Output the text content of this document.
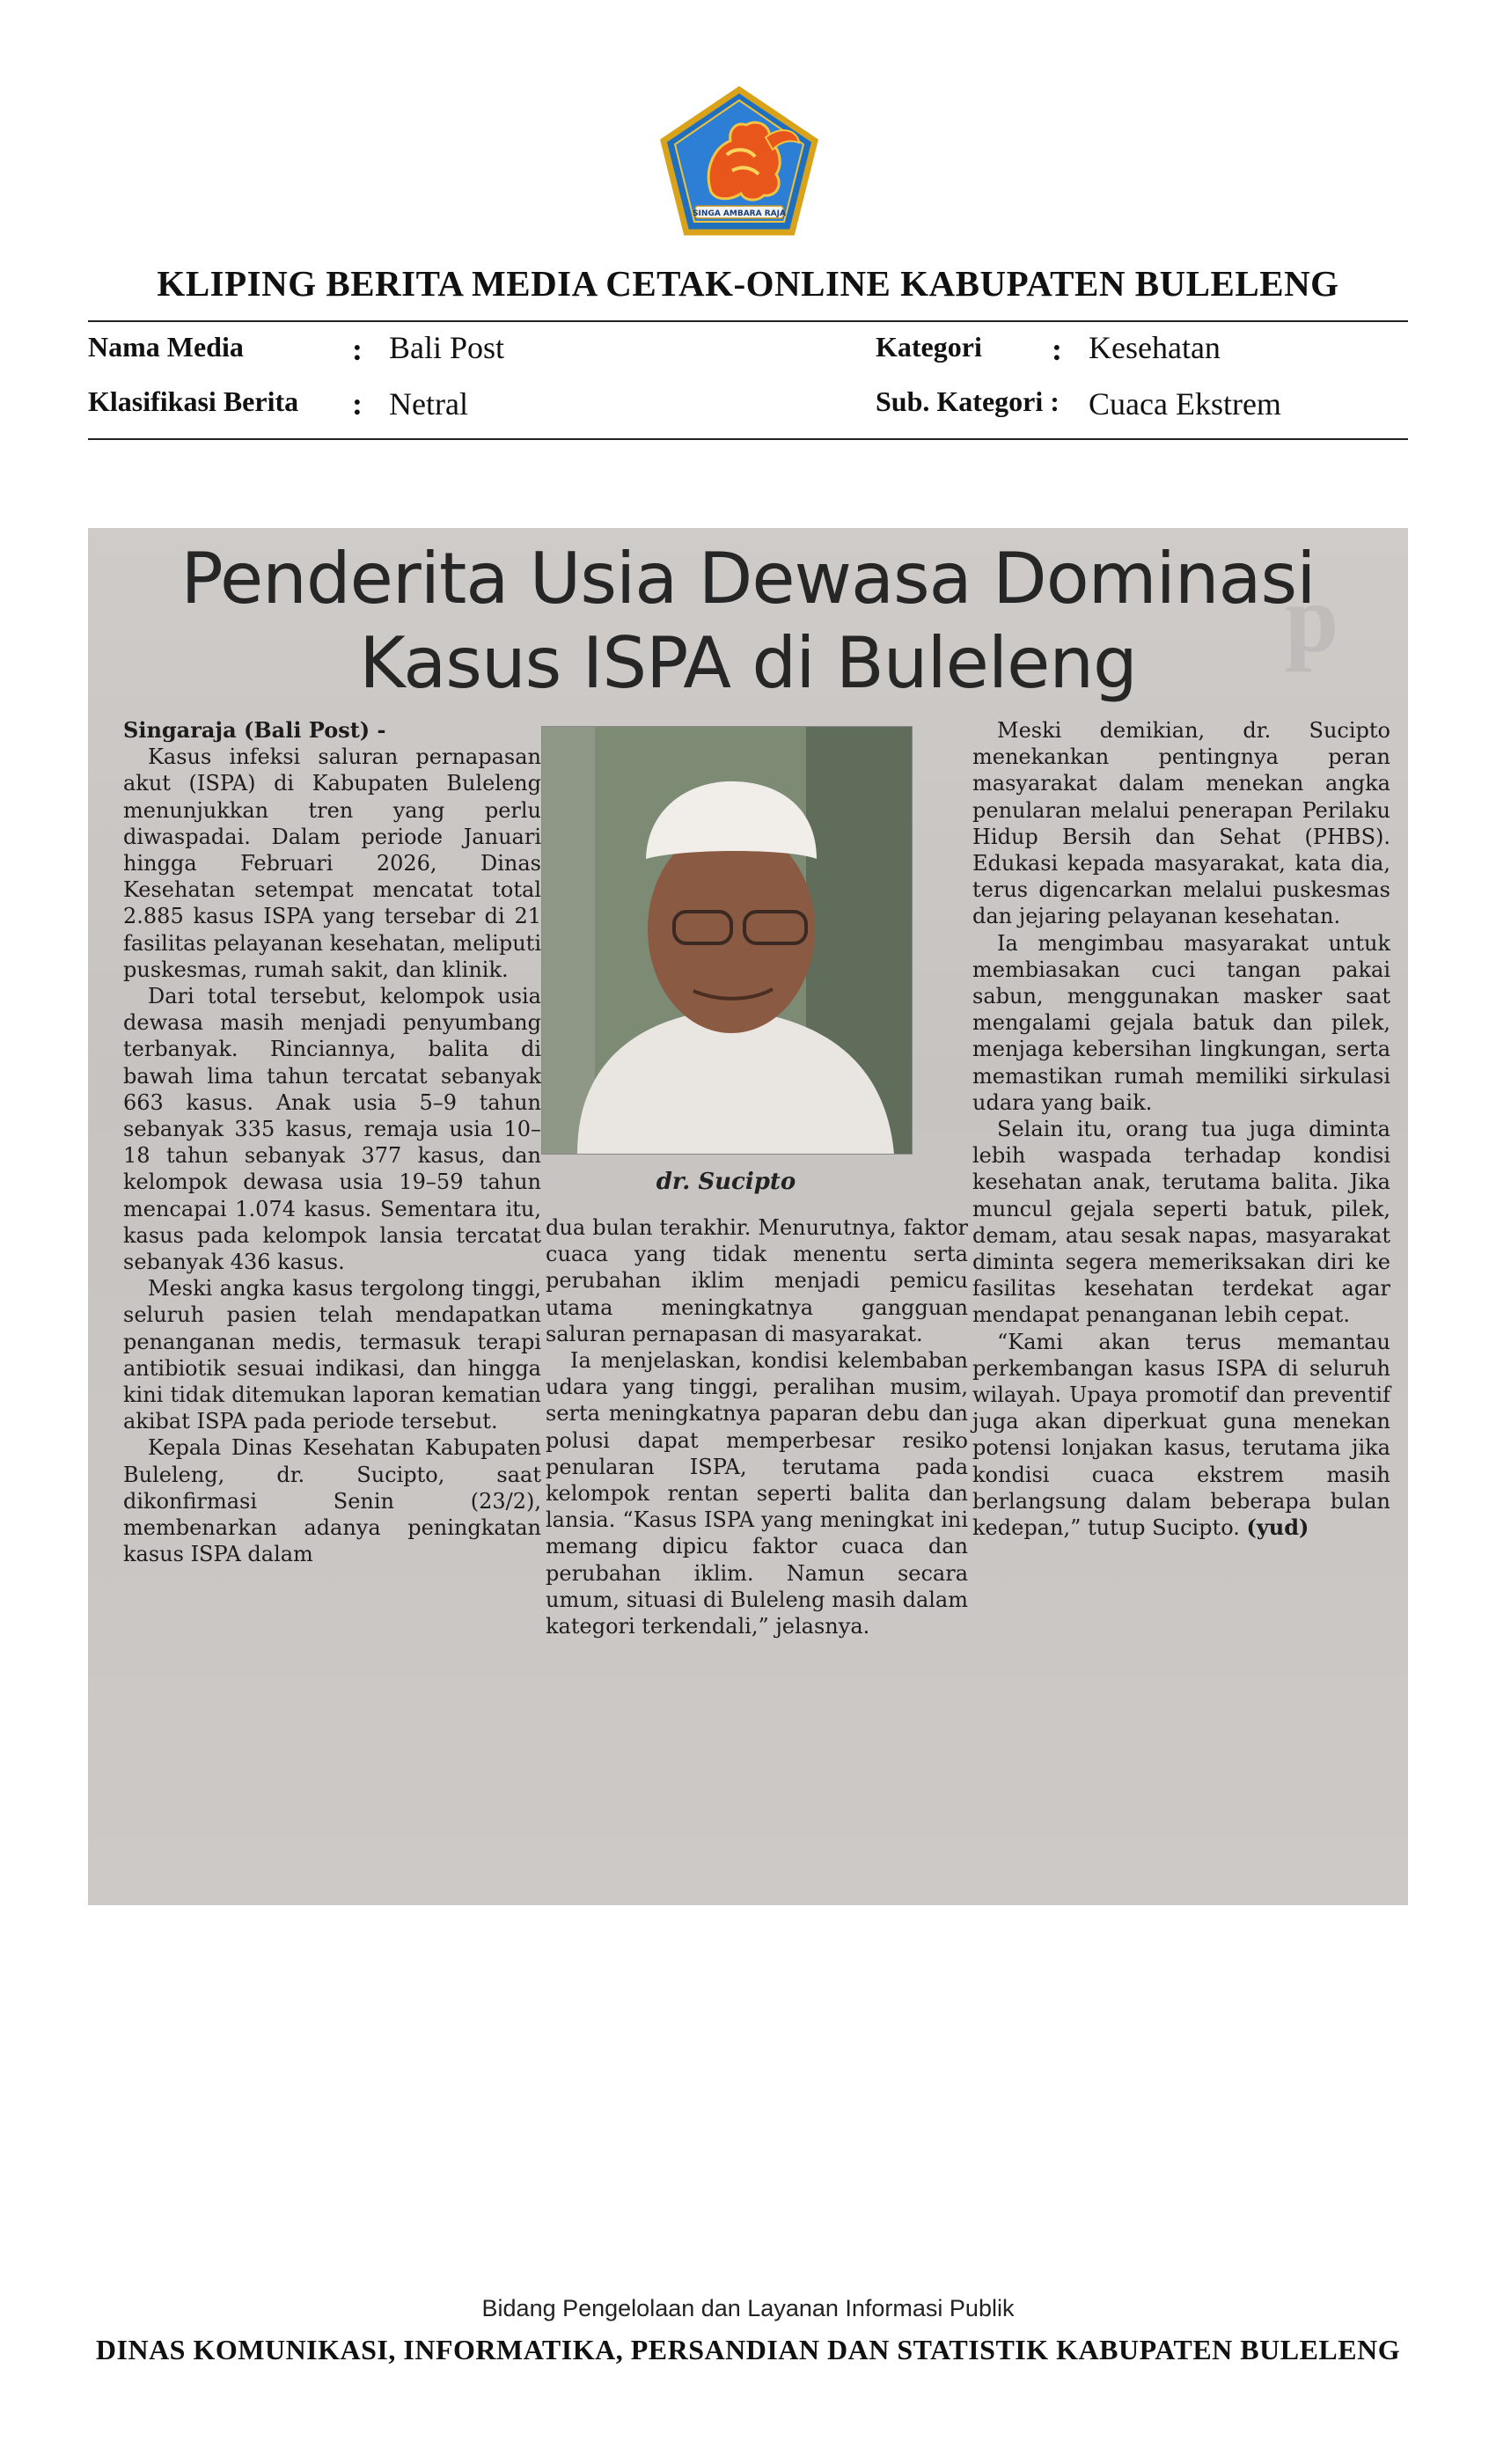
SINGA AMBARA RAJA
KLIPING BERITA MEDIA CETAK-ONLINE KABUPATEN BULELENG
Nama Media	: Bali Post
Klasifikasi Berita : Netral
Kategori : Kesehatan
Sub. Kategori : Cuaca Ekstrem
p
Penderita Usia Dewasa Dominasi
Kasus ISPA di Buleleng

Singaraja (Bali Post) -

Kasus infeksi saluran pernapasan akut (ISPA) di Kabupaten Buleleng menunjukkan tren yang perlu diwaspadai. Dalam periode Januari hingga Februari 2026, Dinas Kesehatan setempat mencatat total 2.885 kasus ISPA yang tersebar di 21 fasilitas pelayanan kesehatan, meliputi puskesmas, rumah sakit, dan klinik.

Dari total tersebut, kelompok usia dewasa masih menjadi penyumbang terbanyak. Rinciannya, balita di bawah lima tahun tercatat sebanyak 663 kasus. Anak usia 5–9 tahun sebanyak 335 kasus, remaja usia 10–18 tahun sebanyak 377 kasus, dan kelompok dewasa usia 19–59 tahun mencapai 1.074 kasus. Sementara itu, kasus pada kelompok lansia tercatat sebanyak 436 kasus.

Meski angka kasus tergolong tinggi, seluruh pasien telah mendapatkan penanganan medis, termasuk terapi antibiotik sesuai indikasi, dan hingga kini tidak ditemukan laporan kematian akibat ISPA pada periode tersebut.

Kepala Dinas Kesehatan Kabupaten Buleleng, dr. Sucipto, saat dikonfirmasi Senin (23/2), membenarkan adanya peningkatan kasus ISPA dalam

dr. Sucipto

dua bulan terakhir. Menurutnya, faktor cuaca yang tidak menentu serta perubahan iklim menjadi pemicu utama meningkatnya gangguan saluran pernapasan di masyarakat.

Ia menjelaskan, kondisi kelembaban udara yang tinggi, peralihan musim, serta meningkatnya paparan debu dan polusi dapat memperbesar resiko penularan ISPA, terutama pada kelompok rentan seperti balita dan lansia. “Kasus ISPA yang meningkat ini memang dipicu faktor cuaca dan perubahan iklim. Namun secara umum, situasi di Buleleng masih dalam kategori terkendali,” jelasnya.

Meski demikian, dr. Sucipto menekankan pentingnya peran masyarakat dalam menekan angka penularan melalui penerapan Perilaku Hidup Bersih dan Sehat (PHBS). Edukasi kepada masyarakat, kata dia, terus digencarkan melalui puskesmas dan jejaring pelayanan kesehatan.

Ia mengimbau masyarakat untuk membiasakan cuci tangan pakai sabun, menggunakan masker saat mengalami gejala batuk dan pilek, menjaga kebersihan lingkungan, serta memastikan rumah memiliki sirkulasi udara yang baik.

Selain itu, orang tua juga diminta lebih waspada terhadap kondisi kesehatan anak, terutama balita. Jika muncul gejala seperti batuk, pilek, demam, atau sesak napas, masyarakat diminta segera memeriksakan diri ke fasilitas kesehatan terdekat agar mendapat penanganan lebih cepat.

“Kami akan terus memantau perkembangan kasus ISPA di seluruh wilayah. Upaya promotif dan preventif juga akan diperkuat guna menekan potensi lonjakan kasus, terutama jika kondisi cuaca ekstrem masih berlangsung dalam beberapa bulan kedepan,” tutup Sucipto. (yud)

Bidang Pengelolaan dan Layanan Informasi Publik
DINAS KOMUNIKASI, INFORMATIKA, PERSANDIAN DAN STATISTIK KABUPATEN BULELENG
